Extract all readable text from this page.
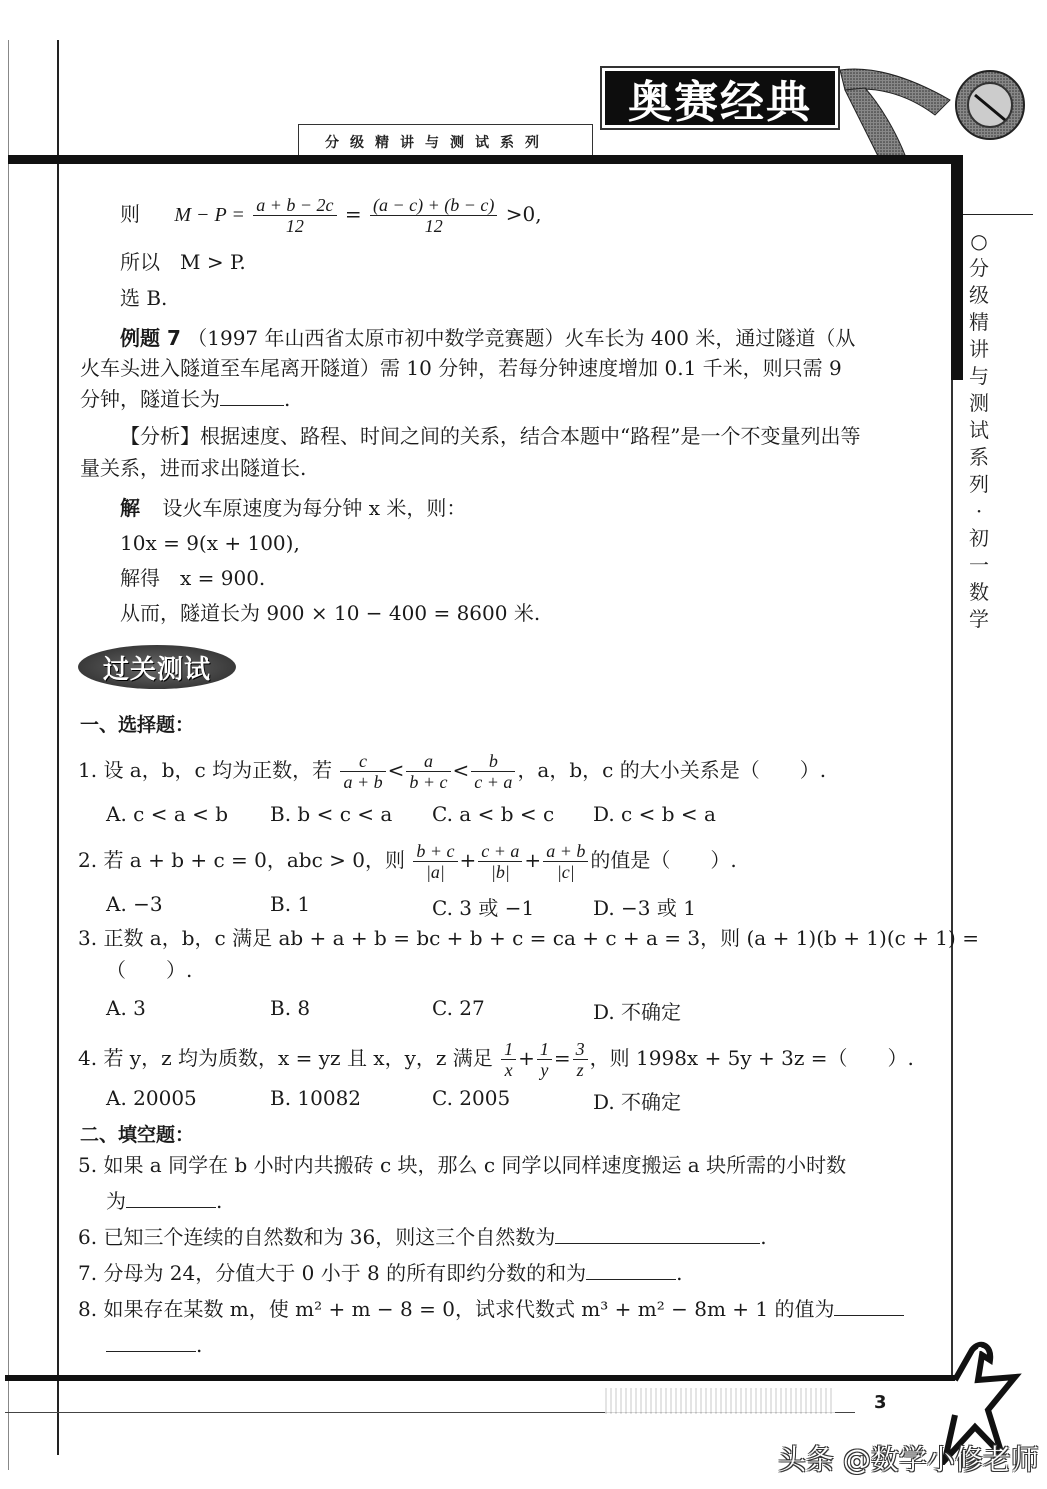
分级精讲与测试系列
奥赛经典
○
分
级
精
讲
与
测
试
系
列
·
初
一
数
学
则 $M - P = \frac{a + b - 2c}{12} = \frac{(a - c) + (b - c)}{12} >0$,
所以　M > P.
选 B.
例题 7 （1997 年山西省太原市初中数学竞赛题）火车长为 400 米，通过隧道（从
火车头进入隧道至车尾离开隧道）需 10 分钟，若每分钟速度增加 0.1 千米，则只需 9
分钟，隧道长为	.
【分析】根据速度、路程、时间之间的关系，结合本题中“路程”是一个不变量列出等
量关系，进而求出隧道长.
解 设火车原速度为每分钟 x 米，则：
10x = 9(x + 100),
解得　x = 900.
从而，隧道长为 900 × 10 − 400 = 8600 米.
过关测试
一、选择题：
1. 设 a，b，c 均为正数，若 $\frac{c}{a + b} < \frac{a}{b + c} < \frac{b}{c + a}$ ，a，b，c 的大小关系是（　　）.
A. c < a < b B. b < c < a C. a < b < c D. c < b < a
2. 若 a + b + c = 0，abc > 0，则 $\frac{b + c}{|a|} + \frac{c + a}{|b|} + \frac{a + b}{|c|}$ 的值是（　　）.
A. −3	B. 1	C. 3 或 −1	D. −3 或 1
3. 正数 a，b，c 满足 ab + a + b = bc + b + c = ca + c + a = 3，则 (a + 1)(b + 1)(c + 1) =
（　　）.
A. 3	B. 8	C. 27	D. 不确定
4. 若 y，z 均为质数，x = yz 且 x，y，z 满足 $\frac{1}{x} + \frac{1}{y} = \frac{3}{z}$ ，则 1998x + 5y + 3z =（　　）.
A. 20005	B. 10082	C. 2005	D. 不确定
二、填空题：
5. 如果 a 同学在 b 小时内共搬砖 c 块，那么 c 同学以同样速度搬运 a 块所需的小时数
为	.
6. 已知三个连续的自然数和为 36，则这三个自然数为	.
7. 分母为 24，分值大于 0 小于 8 的所有即约分数的和为	.
8. 如果存在某数 m，使 m² + m − 8 = 0，试求代数式 m³ + m² − 8m + 1 的值为
.
3
头条 @数学小修老师
